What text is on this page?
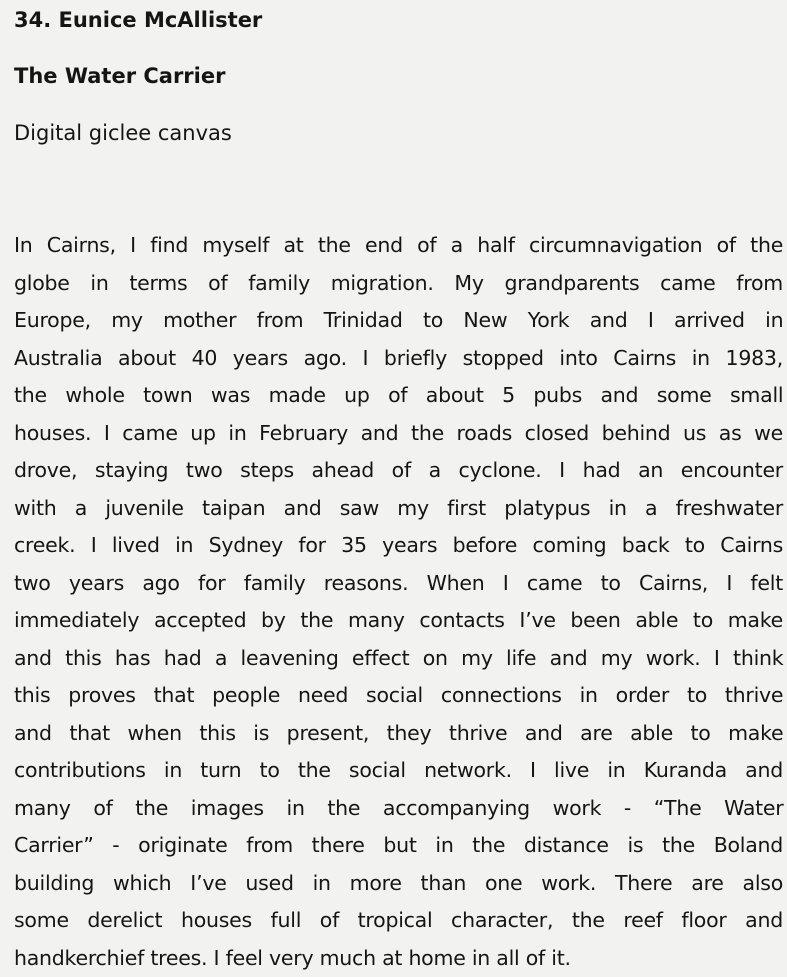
34. Eunice McAllister
The Water Carrier
Digital giclee canvas
In Cairns, I find myself at the end of a half circumnavigation of the
globe in terms of family migration. My grandparents came from
Europe, my mother from Trinidad to New York and I arrived in
Australia about 40 years ago. I briefly stopped into Cairns in 1983,
the whole town was made up of about 5 pubs and some small
houses. I came up in February and the roads closed behind us as we
drove, staying two steps ahead of a cyclone. I had an encounter
with a juvenile taipan and saw my first platypus in a freshwater
creek. I lived in Sydney for 35 years before coming back to Cairns
two years ago for family reasons. When I came to Cairns, I felt
immediately accepted by the many contacts I’ve been able to make
and this has had a leavening effect on my life and my work. I think
this proves that people need social connections in order to thrive
and that when this is present, they thrive and are able to make
contributions in turn to the social network. I live in Kuranda and
many of the images in the accompanying work - “The Water
Carrier” - originate from there but in the distance is the Boland
building which I’ve used in more than one work. There are also
some derelict houses full of tropical character, the reef floor and
handkerchief trees. I feel very much at home in all of it.
